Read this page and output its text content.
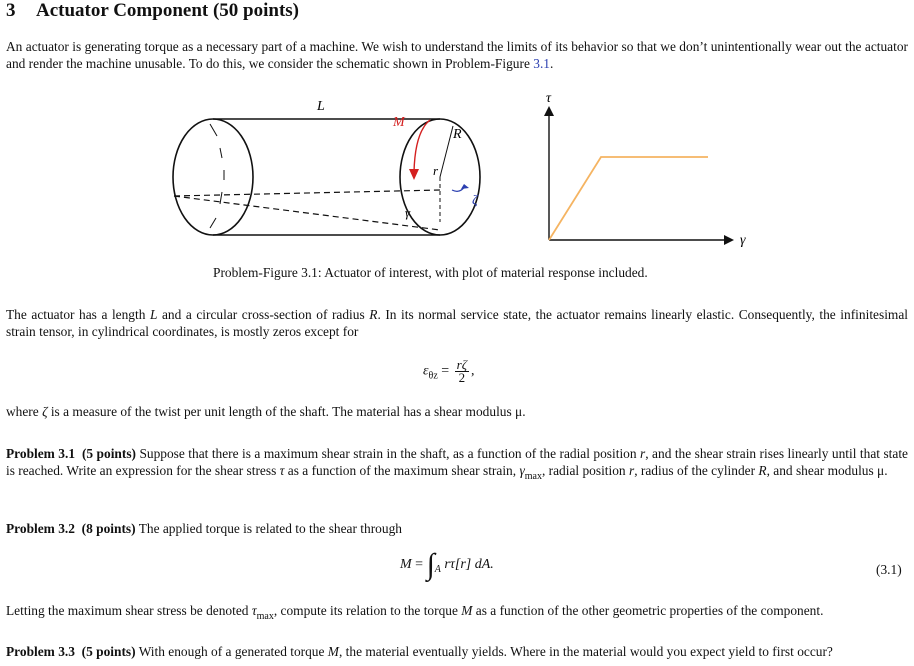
3 Actuator Component (50 points)
An actuator is generating torque as a necessary part of a machine. We wish to understand the limits of its behavior so that we don’t unintentionally wear out the actuator and render the machine unusable. To do this, we consider the schematic shown in Problem-Figure 3.1.
L
M
R
r
γ
ζ
τ
γ
Problem-Figure 3.1: Actuator of interest, with plot of material response included.
The actuator has a length L and a circular cross-section of radius R. In its normal service state, the actuator remains linearly elastic. Consequently, the infinitesimal strain tensor, in cylindrical coordinates, is mostly zeros except for
$\varepsilon_{\theta z} = \frac{r\zeta}{2}$ ,
where ζ is a measure of the twist per unit length of the shaft. The material has a shear modulus μ.
Problem 3.1 (5 points) Suppose that there is a maximum shear strain in the shaft, as a function of the radial position r, and the shear strain rises linearly until that state is reached. Write an expression for the shear stress τ as a function of the maximum shear strain, $\gamma_{max}$, radial position r, radius of the cylinder R, and shear modulus μ.
Problem 3.2 (8 points) The applied torque is related to the shear through
$M = \int_A$ rτ[r] dA.	(3.1)
Letting the maximum shear stress be denoted $\tau_{max}$, compute its relation to the torque M as a function of the other geometric properties of the component.
Problem 3.3 (5 points) With enough of a generated torque M, the material eventually yields. Where in the material would you expect yield to first occur?
